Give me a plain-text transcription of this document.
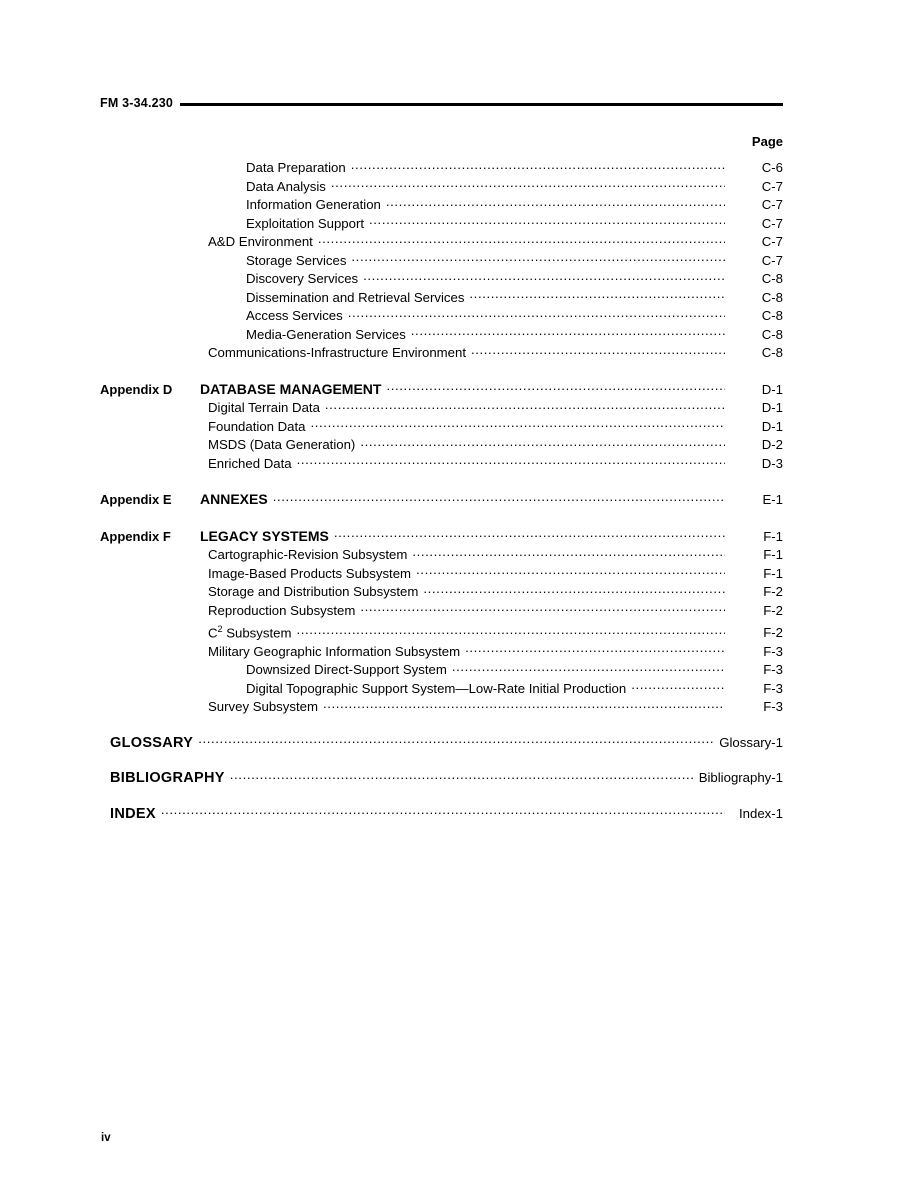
FM 3-34.230
Page
Data Preparation .....	C-6
Data Analysis .....	C-7
Information Generation .....	C-7
Exploitation Support .....	C-7
A&D Environment .....	C-7
Storage Services .....	C-7
Discovery Services .....	C-8
Dissemination and Retrieval Services .....	C-8
Access Services .....	C-8
Media-Generation Services .....	C-8
Communications-Infrastructure Environment .....	C-8
Appendix D	DATABASE MANAGEMENT .....	D-1
Digital Terrain Data .....	D-1
Foundation Data .....	D-1
MSDS (Data Generation) .....	D-2
Enriched Data .....	D-3
Appendix E	ANNEXES .....	E-1
Appendix F	LEGACY SYSTEMS .....	F-1
Cartographic-Revision Subsystem .....	F-1
Image-Based Products Subsystem .....	F-1
Storage and Distribution Subsystem .....	F-2
Reproduction Subsystem .....	F-2
$C^2$ Subsystem .....	F-2
Military Geographic Information Subsystem .....	F-3
Downsized Direct-Support System .....	F-3
Digital Topographic Support System—Low-Rate Initial Production .....	F-3
Survey Subsystem .....	F-3
GLOSSARY .....	Glossary-1
BIBLIOGRAPHY .....	Bibliography-1
INDEX .....	Index-1
iv
